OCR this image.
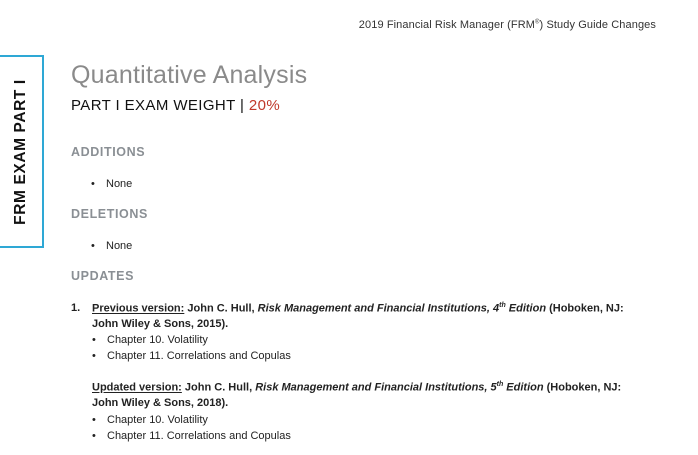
2019 Financial Risk Manager (FRM®) Study Guide Changes
FRM EXAM PART I
Quantitative Analysis
PART I EXAM WEIGHT | 20%
ADDITIONS
• None
DELETIONS
• None
UPDATES
1. Previous version: John C. Hull, Risk Management and Financial Institutions, 4th Edition (Hoboken, NJ:
John Wiley & Sons, 2015).
• Chapter 10. Volatility
• Chapter 11. Correlations and Copulas
Updated version: John C. Hull, Risk Management and Financial Institutions, 5th Edition (Hoboken, NJ:
John Wiley & Sons, 2018).
• Chapter 10. Volatility
• Chapter 11. Correlations and Copulas
